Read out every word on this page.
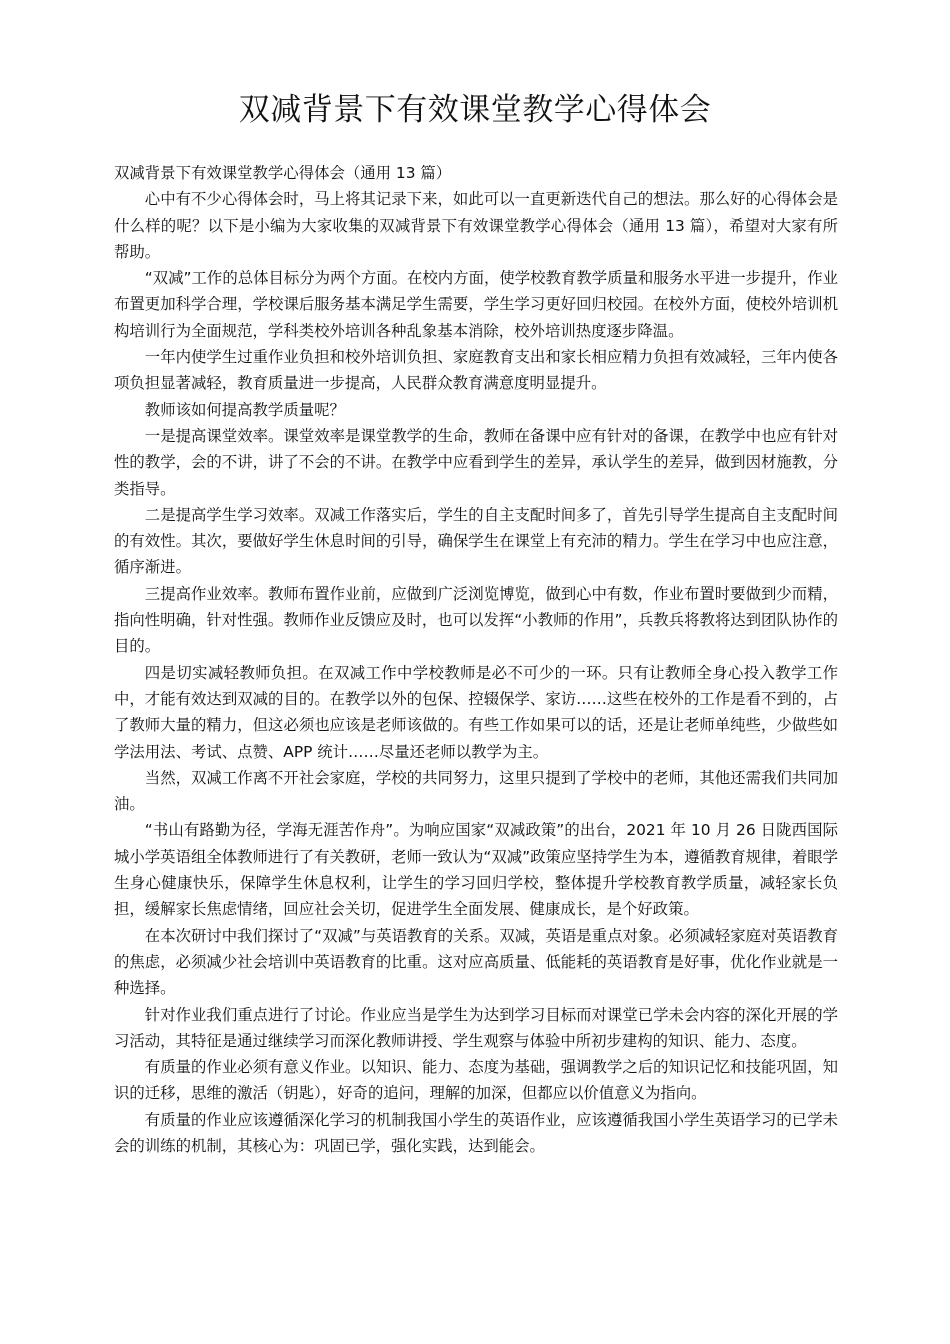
双减背景下有效课堂教学心得体会

双减背景下有效课堂教学心得体会（通用 13 篇）

心中有不少心得体会时，马上将其记录下来，如此可以一直更新迭代自己的想法。那么好的心得体会是什么样的呢？以下是小编为大家收集的双减背景下有效课堂教学心得体会（通用 13 篇），希望对大家有所帮助。

“双减”工作的总体目标分为两个方面。在校内方面，使学校教育教学质量和服务水平进一步提升，作业布置更加科学合理，学校课后服务基本满足学生需要，学生学习更好回归校园。在校外方面，使校外培训机构培训行为全面规范，学科类校外培训各种乱象基本消除，校外培训热度逐步降温。

一年内使学生过重作业负担和校外培训负担、家庭教育支出和家长相应精力负担有效减轻，三年内使各项负担显著减轻，教育质量进一步提高，人民群众教育满意度明显提升。

教师该如何提高教学质量呢？

一是提高课堂效率。课堂效率是课堂教学的生命，教师在备课中应有针对的备课，在教学中也应有针对性的教学，会的不讲，讲了不会的不讲。在教学中应看到学生的差异，承认学生的差异，做到因材施教，分类指导。

二是提高学生学习效率。双减工作落实后，学生的自主支配时间多了，首先引导学生提高自主支配时间的有效性。其次，要做好学生休息时间的引导，确保学生在课堂上有充沛的精力。学生在学习中也应注意，循序渐进。

三提高作业效率。教师布置作业前，应做到广泛浏览博览，做到心中有数，作业布置时要做到少而精，指向性明确，针对性强。教师作业反馈应及时，也可以发挥“小教师的作用”，兵教兵将教将达到团队协作的目的。

四是切实减轻教师负担。在双减工作中学校教师是必不可少的一环。只有让教师全身心投入教学工作中，才能有效达到双减的目的。在教学以外的包保、控辍保学、家访……这些在校外的工作是看不到的，占了教师大量的精力，但这必须也应该是老师该做的。有些工作如果可以的话，还是让老师单纯些，少做些如学法用法、考试、点赞、APP 统计……尽量还老师以教学为主。

当然，双减工作离不开社会家庭，学校的共同努力，这里只提到了学校中的老师，其他还需我们共同加油。

“书山有路勤为径，学海无涯苦作舟”。为响应国家“双减政策”的出台，2021 年 10 月 26 日陇西国际城小学英语组全体教师进行了有关教研，老师一致认为“双减”政策应坚持学生为本，遵循教育规律，着眼学生身心健康快乐，保障学生休息权利，让学生的学习回归学校，整体提升学校教育教学质量，减轻家长负担，缓解家长焦虑情绪，回应社会关切，促进学生全面发展、健康成长，是个好政策。

在本次研讨中我们探讨了“双减”与英语教育的关系。双减，英语是重点对象。必须减轻家庭对英语教育的焦虑，必须减少社会培训中英语教育的比重。这对应高质量、低能耗的英语教育是好事，优化作业就是一种选择。

针对作业我们重点进行了讨论。作业应当是学生为达到学习目标而对课堂已学未会内容的深化开展的学习活动，其特征是通过继续学习而深化教师讲授、学生观察与体验中所初步建构的知识、能力、态度。

有质量的作业必须有意义作业。以知识、能力、态度为基础，强调教学之后的知识记忆和技能巩固，知识的迁移，思维的激活（钥匙），好奇的追问，理解的加深，但都应以价值意义为指向。

有质量的作业应该遵循深化学习的机制我国小学生的英语作业，应该遵循我国小学生英语学习的已学未会的训练的机制，其核心为：巩固已学，强化实践，达到能会。
